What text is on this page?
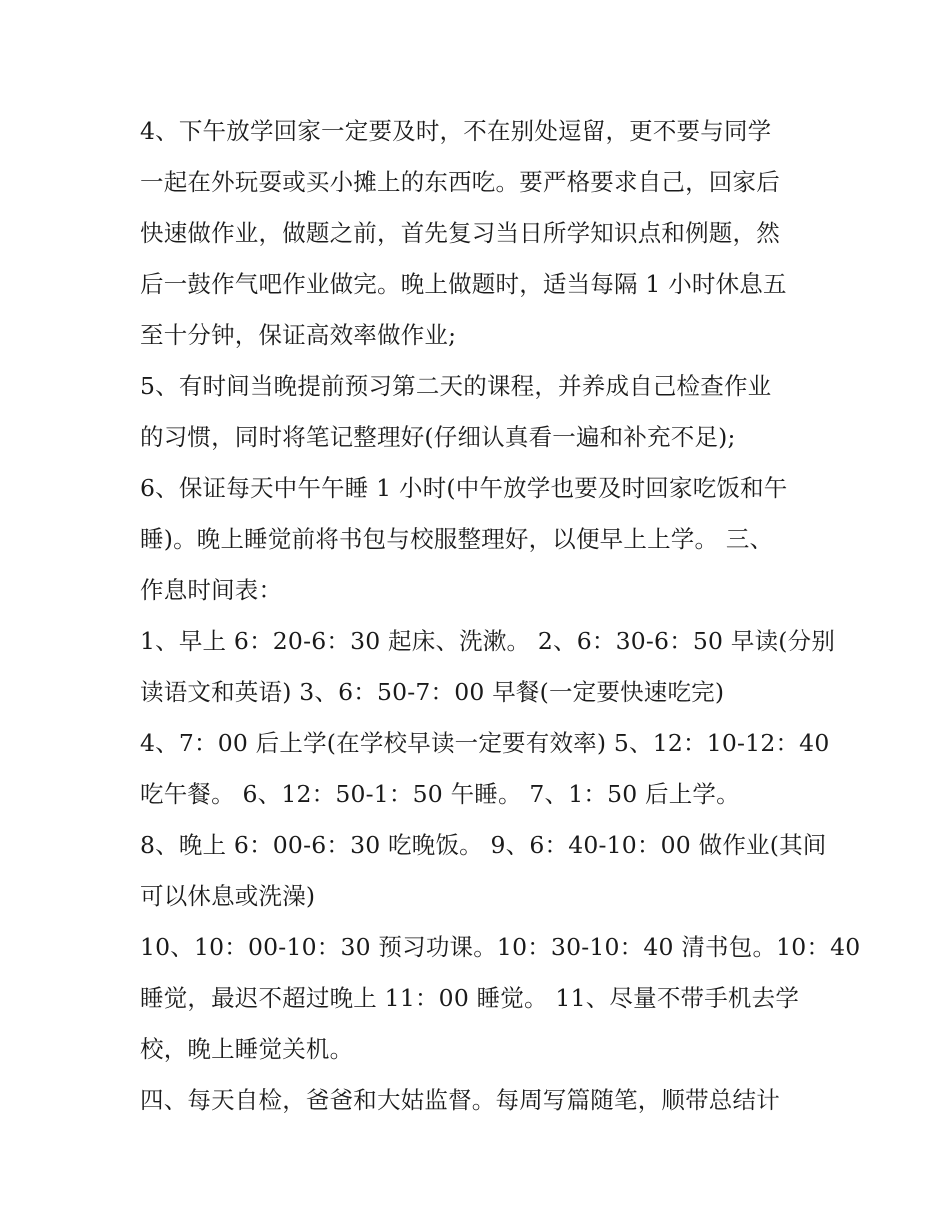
4、下午放学回家一定要及时，不在别处逗留，更不要与同学
一起在外玩耍或买小摊上的东西吃。要严格要求自己，回家后
快速做作业，做题之前，首先复习当日所学知识点和例题，然
后一鼓作气吧作业做完。晚上做题时，适当每隔 1 小时休息五
至十分钟，保证高效率做作业;
5、有时间当晚提前预习第二天的课程，并养成自己检查作业
的习惯，同时将笔记整理好(仔细认真看一遍和补充不足);
6、保证每天中午午睡 1 小时(中午放学也要及时回家吃饭和午
睡)。晚上睡觉前将书包与校服整理好，以便早上上学。 三、
作息时间表：
1、早上 6：20-6：30 起床、洗漱。 2、6：30-6：50 早读(分别
读语文和英语) 3、6：50-7：00 早餐(一定要快速吃完)
4、7：00 后上学(在学校早读一定要有效率) 5、12：10-12：40
吃午餐。 6、12：50-1：50 午睡。 7、1：50 后上学。
8、晚上 6：00-6：30 吃晚饭。 9、6：40-10：00 做作业(其间
可以休息或洗澡)
10、10：00-10：30 预习功课。10：30-10：40 清书包。10：40
睡觉，最迟不超过晚上 11：00 睡觉。 11、尽量不带手机去学
校，晚上睡觉关机。
四、每天自检，爸爸和大姑监督。每周写篇随笔，顺带总结计
